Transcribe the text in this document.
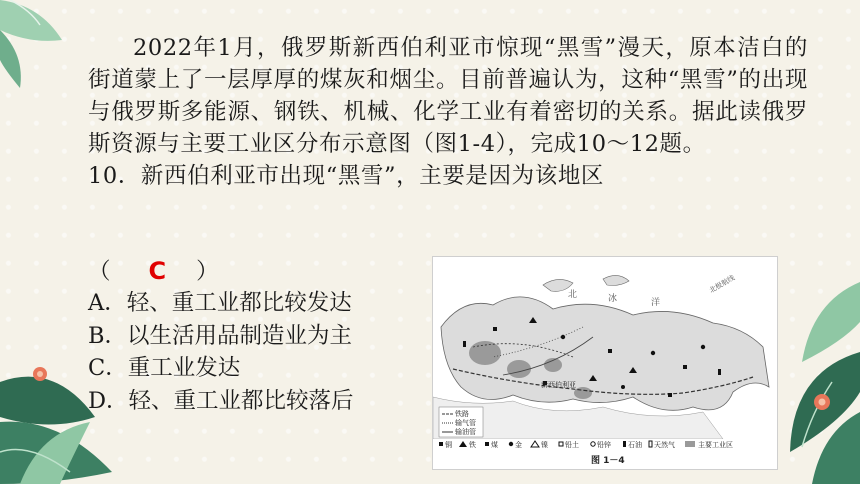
2022年1月，俄罗斯新西伯利亚市惊现“黑雪”漫天，原本洁白的街道蒙上了一层厚厚的煤灰和烟尘。目前普遍认为，这种“黑雪”的出现与俄罗斯多能源、钢铁、机械、化学工业有着密切的关系。据此读俄罗斯资源与主要工业区分布示意图（图1-4），完成10～12题。
10．新西伯利亚市出现“黑雪”，主要是因为该地区
（ C ）
A．轻、重工业都比较发达
B．以生活用品制造业为主
C．重工业发达
D．轻、重工业都比较落后
北	冰	洋
北极航线
新西伯利亚
铁路
输气管
输油管
铜 铁 煤 金	镍 铅土	铅锌 石油 天然气	主要工业区
图 1－4
